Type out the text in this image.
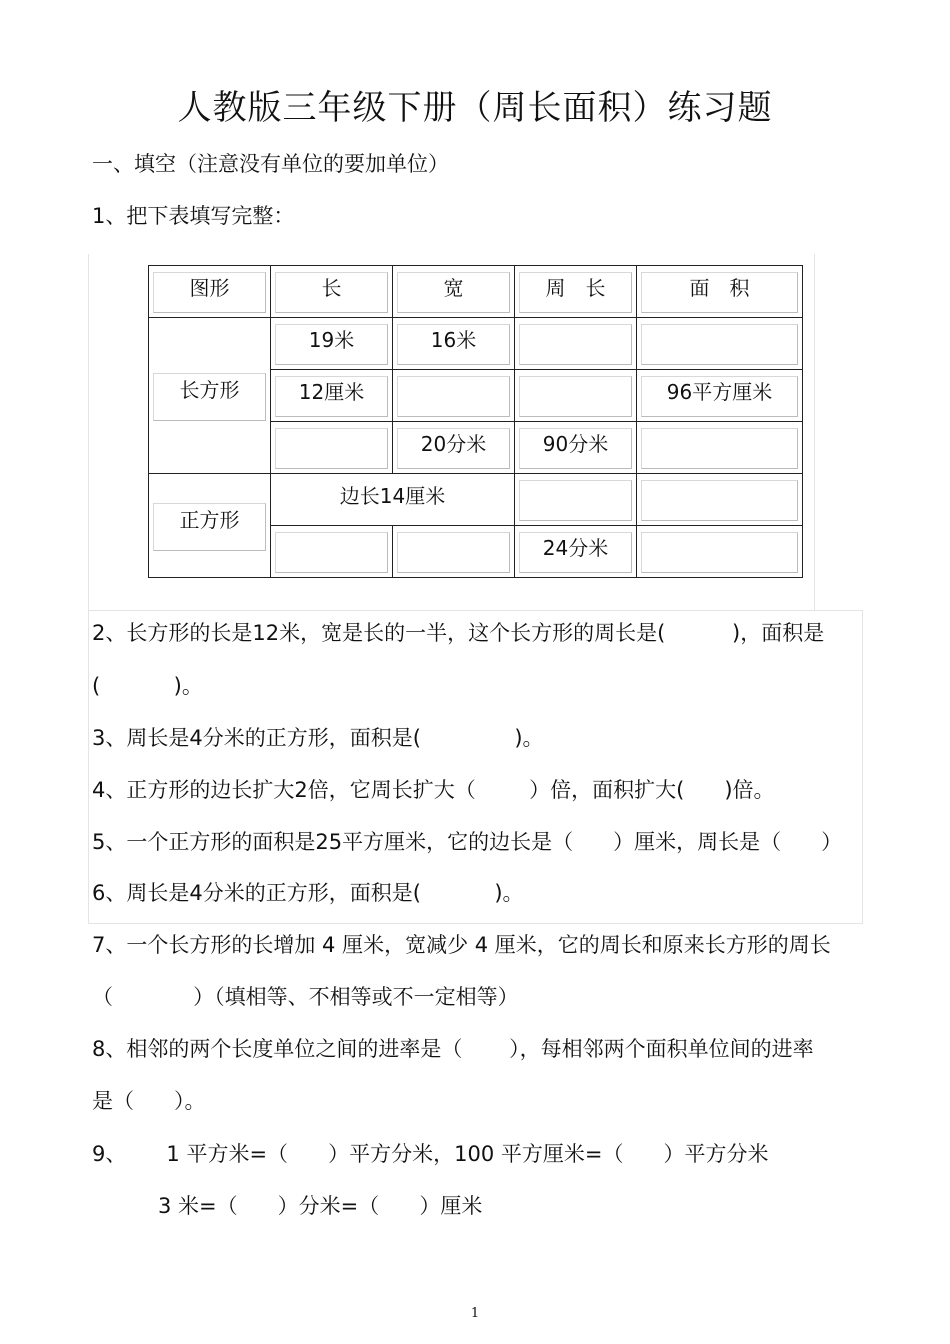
人教版三年级下册（周长面积）练习题
一、填空（注意没有单位的要加单位）
1、把下表填写完整：
图形	长	宽	周　长	面　积

长方形	19米	16米		

	12厘米			96平方厘米

		20分米	90分米	

正方形	边长14厘米			

			24分米	

2、长方形的长是12米，宽是长的一半，这个长方形的周长是(          )，面积是
(           )。
3、周长是4分米的正方形，面积是(              )。
4、正方形的边长扩大2倍，它周长扩大（        ）倍，面积扩大(      )倍。
5、一个正方形的面积是25平方厘米，它的边长是（      ）厘米，周长是（      ）
6、周长是4分米的正方形，面积是(           )。
7、一个长方形的长增加 4 厘米，宽减少 4 厘米，它的周长和原来长方形的周长
（            ）（填相等、不相等或不一定相等）
8、相邻的两个长度单位之间的进率是（       ），每相邻两个面积单位间的进率
是（      ）。
9、      1 平方米=（      ）平方分米，100 平方厘米=（      ）平方分米
3 米=（      ）分米=（      ）厘米
1
